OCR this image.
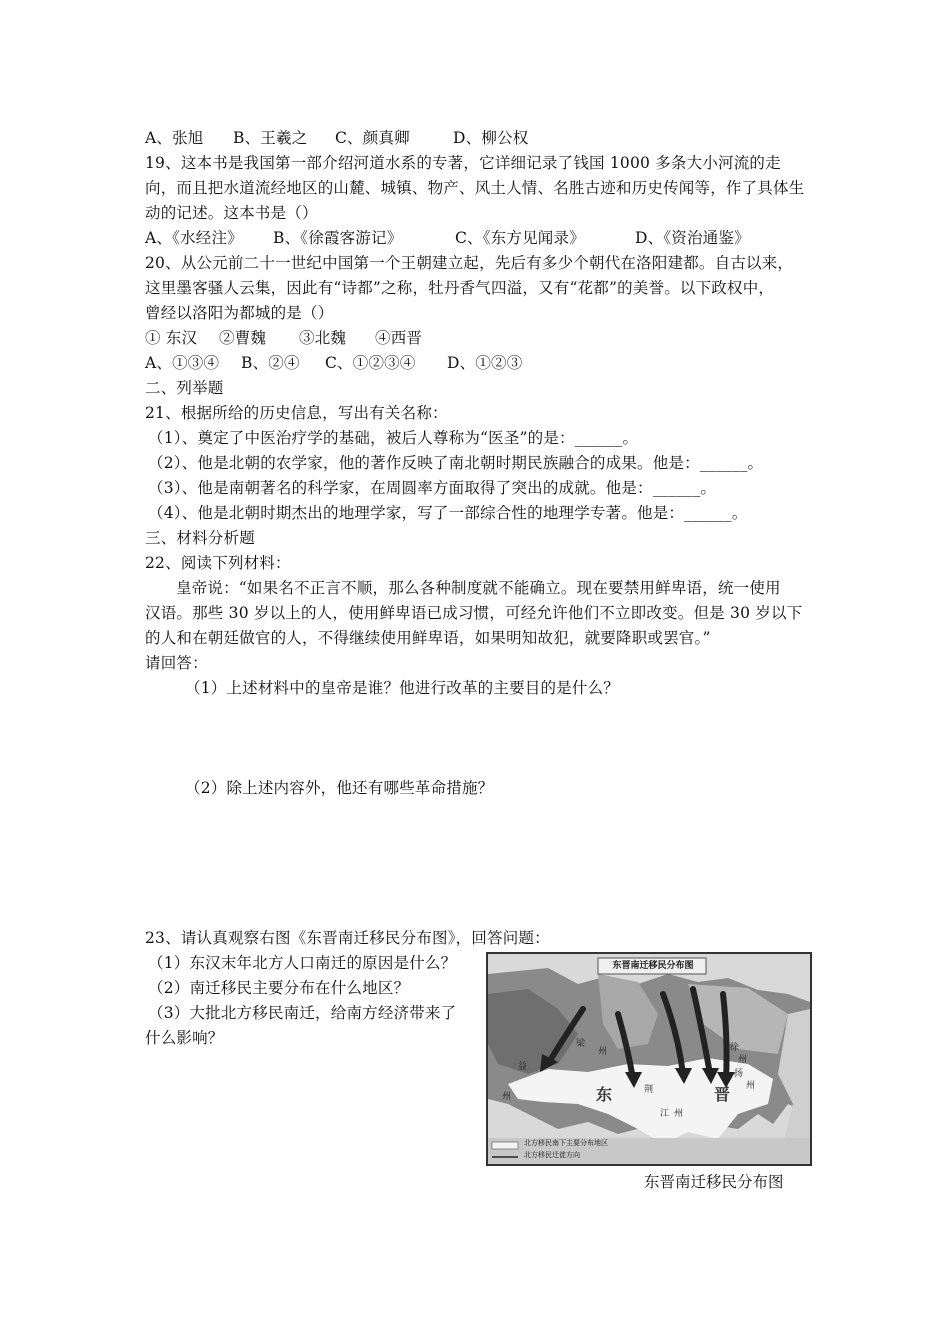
A、张旭 B、王羲之 C、颜真卿	D、柳公权
19、这本书是我国第一部介绍河道水系的专著，它详细记录了钱国 1000 多条大小河流的走
向，而且把水道流经地区的山麓、城镇、物产、风土人情、名胜古迹和历史传闻等，作了具体生
动的记述。这本书是（）
A、《水经注》 B、《徐霞客游记》	C、《东方见闻录》	D、《资治通鉴》
20、从公元前二十一世纪中国第一个王朝建立起，先后有多少个朝代在洛阳建都。自古以来，
这里墨客骚人云集，因此有“诗都”之称，牡丹香气四溢，又有“花都”的美誉。以下政权中，
曾经以洛阳为都城的是（）
① 东汉 ②曹魏 ③北魏 ④西晋
A、①③④ B、②④ C、①②③④ D、①②③
二、列举题
21、根据所给的历史信息，写出有关名称：
（1）、奠定了中医治疗学的基础，被后人尊称为“医圣”的是：______。
（2）、他是北朝的农学家，他的著作反映了南北朝时期民族融合的成果。他是：______。
（3）、他是南朝著名的科学家，在周圆率方面取得了突出的成就。他是：______。
（4）、他是北朝时期杰出的地理学家，写了一部综合性的地理学专著。他是：______。
三、材料分析题
22、阅读下列材料：
皇帝说：“如果名不正言不顺，那么各种制度就不能确立。现在要禁用鲜卑语，统一使用
汉语。那些 30 岁以上的人，使用鲜卑语已成习惯，可经允许他们不立即改变。但是 30 岁以下
的人和在朝廷做官的人，不得继续使用鲜卑语，如果明知故犯，就要降职或罢官。”
请回答：
（1）上述材料中的皇帝是谁？他进行改革的主要目的是什么？
（2）除上述内容外，他还有哪些革命措施？
23、请认真观察右图《东晋南迁移民分布图》，回答问题：
（1）东汉末年北方人口南迁的原因是什么？
（2）南迁移民主要分布在什么地区？
（3）大批北方移民南迁，给南方经济带来了
什么影响？
东晋南迁移民分布图
东	晋
梁
州
益
州
荆
江 州
徐
扬
州
州
北方移民南下主要分布地区
北方移民迁徙方向
东晋南迁移民分布图
